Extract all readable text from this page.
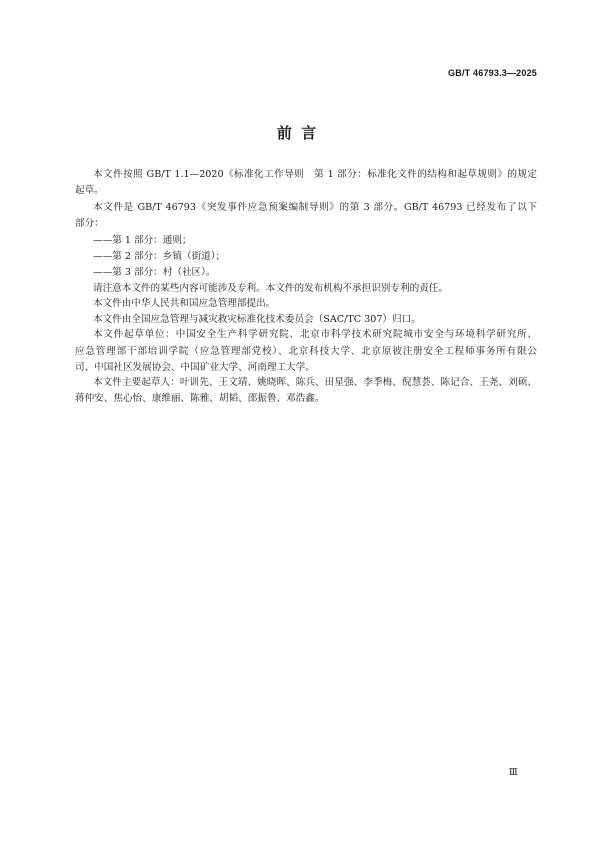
GB/T 46793.3—2025
前 言
本文件按照 GB/T 1.1—2020《标准化工作导则　第 1 部分：标准化文件的结构和起草规则》的规定
起草。
本文件是 GB/T 46793《突发事件应急预案编制导则》的第 3 部分。GB/T 46793 已经发布了以下
部分：
——第 1 部分：通则；
——第 2 部分：乡镇（街道）；
——第 3 部分：村（社区）。
请注意本文件的某些内容可能涉及专利。本文件的发布机构不承担识别专利的责任。
本文件由中华人民共和国应急管理部提出。
本文件由全国应急管理与减灾救灾标准化技术委员会（SAC/TC 307）归口。
本文件起草单位：中国安全生产科学研究院、北京市科学技术研究院城市安全与环境科学研究所、
应急管理部干部培训学院（应急管理部党校）、北京科技大学、北京原彼注册安全工程师事务所有限公
司、中国社区发展协会、中国矿业大学、河南理工大学。
本文件主要起草人：叶训先、王文靖、姚晓晖、陈兵、田星强、李季梅、倪慧荟、陈记合、王尧、刘硕、
蒋仲安、焦心怡、康维丽、陈雅、胡韬、邵振鲁、邓浩鑫。
Ⅲ
